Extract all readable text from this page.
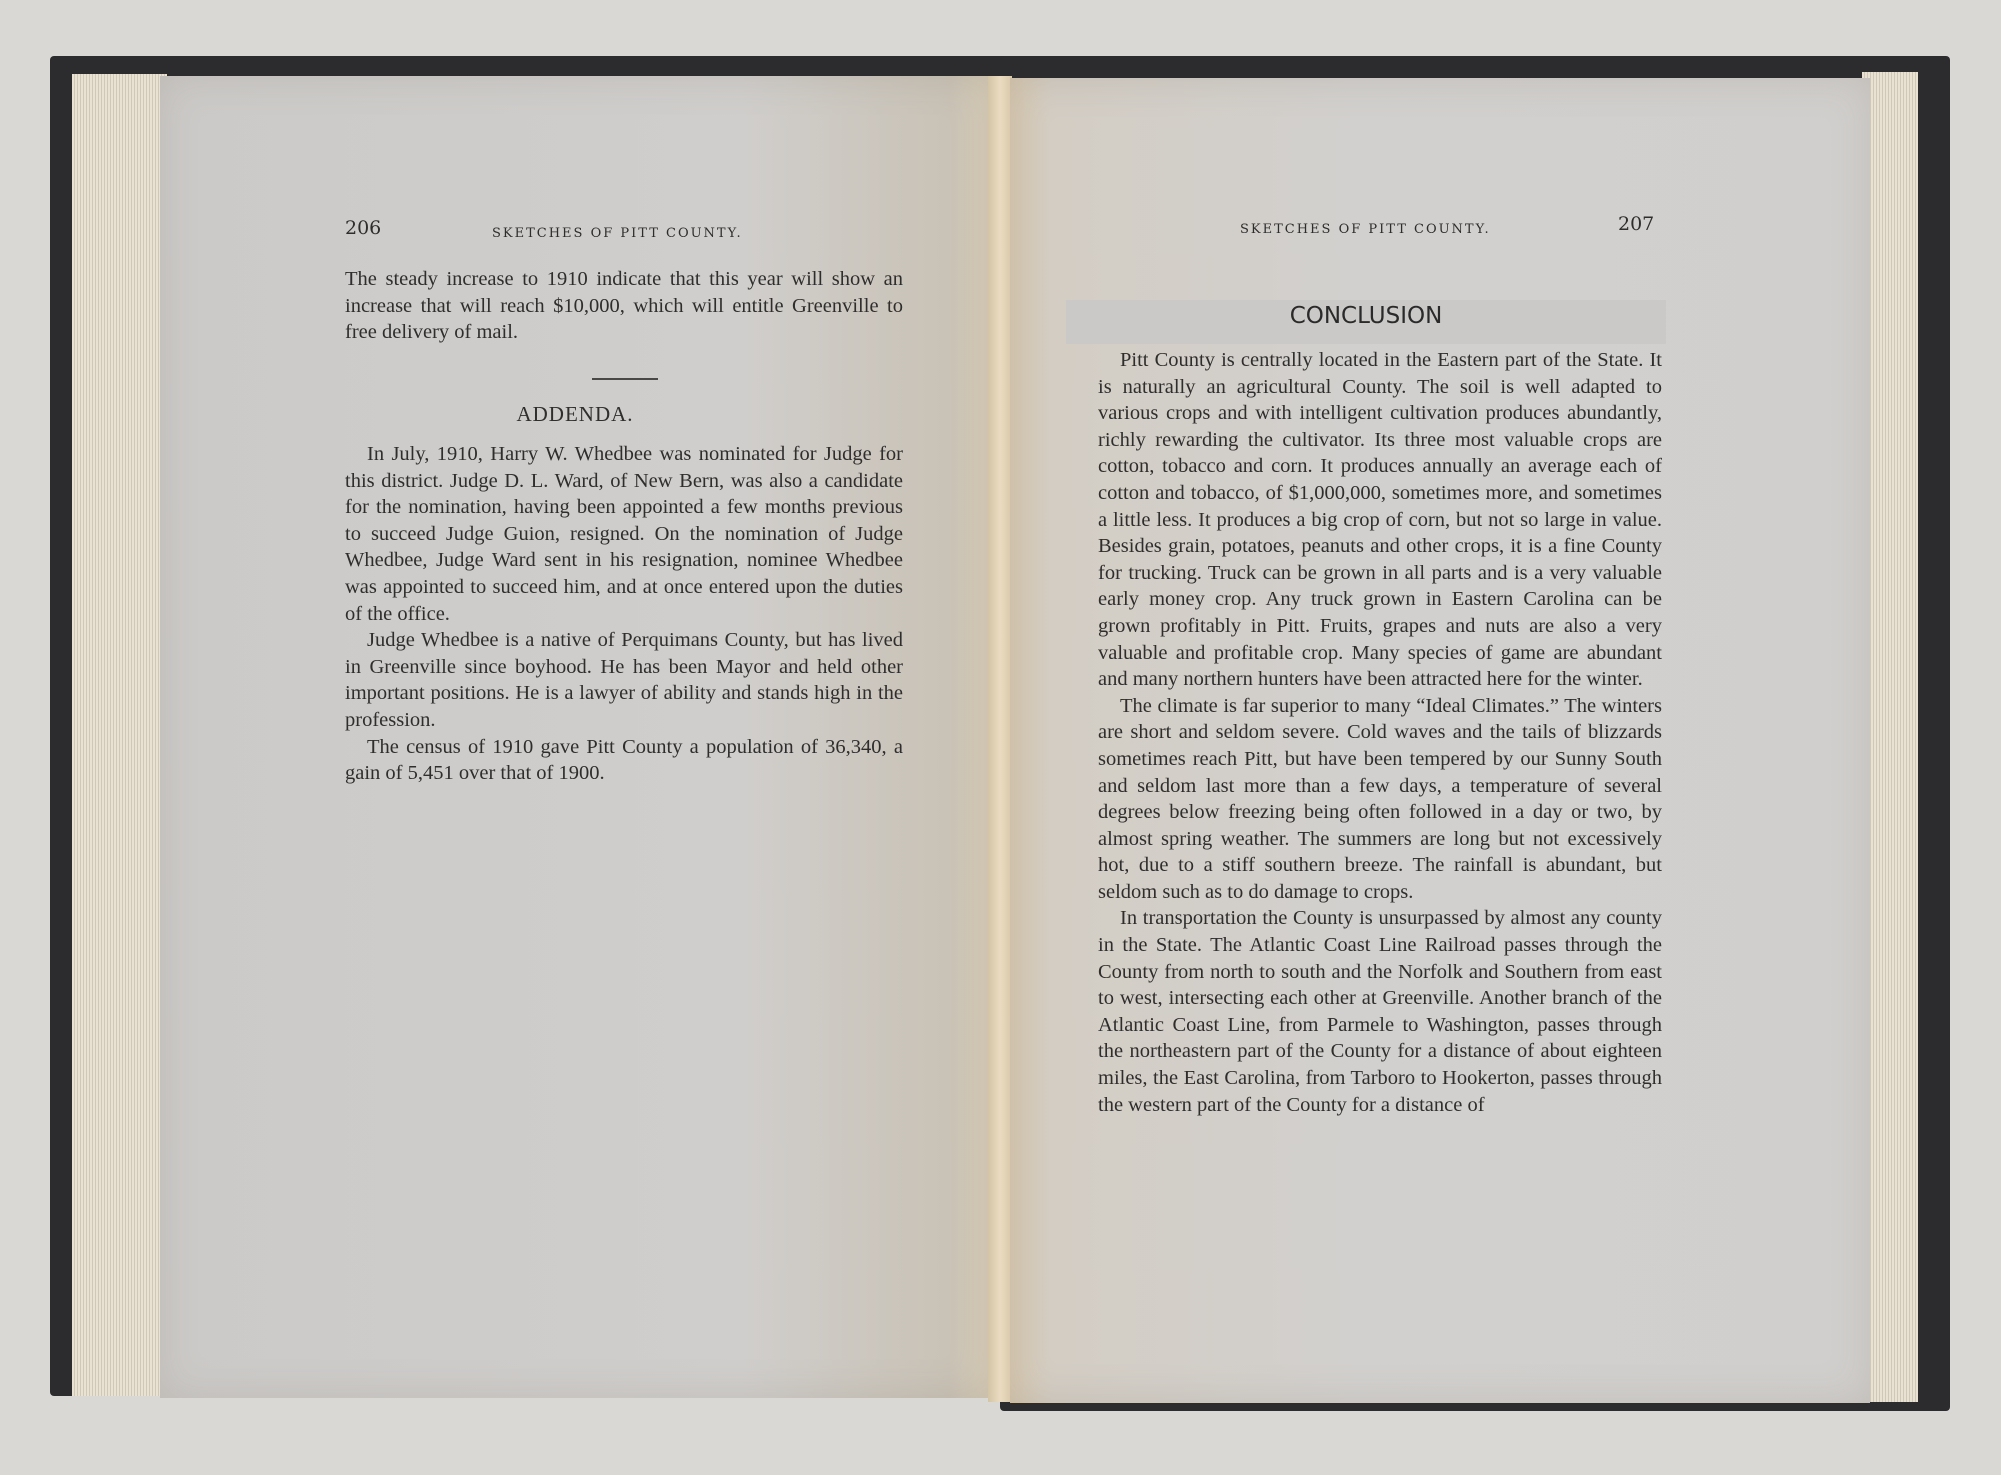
206	SKETCHES OF PITT COUNTY.

The steady increase to 1910 indicate that this year will show an increase that will reach $10,000, which will entitle Greenville to free delivery of mail.

ADDENDA.

In July, 1910, Harry W. Whedbee was nominated for Judge for this district. Judge D. L. Ward, of New Bern, was also a candidate for the nomination, having been appointed a few months previous to succeed Judge Guion, resigned. On the nomination of Judge Whedbee, Judge Ward sent in his resignation, nominee Whedbee was appointed to succeed him, and at once entered upon the duties of the office.

Judge Whedbee is a native of Perquimans County, but has lived in Greenville since boyhood. He has been Mayor and held other important positions. He is a lawyer of ability and stands high in the profession.

The census of 1910 gave Pitt County a population of 36,340, a gain of 5,451 over that of 1900.

SKETCHES OF PITT COUNTY.	207
CONCLUSION

Pitt County is centrally located in the Eastern part of the State. It is naturally an agricultural County. The soil is well adapted to various crops and with intelligent cultivation produces abundantly, richly rewarding the cultivator. Its three most valuable crops are cotton, tobacco and corn. It produces annually an average each of cotton and tobacco, of $1,000,000, sometimes more, and sometimes a little less. It produces a big crop of corn, but not so large in value. Besides grain, potatoes, peanuts and other crops, it is a fine County for trucking. Truck can be grown in all parts and is a very valuable early money crop. Any truck grown in Eastern Carolina can be grown profitably in Pitt. Fruits, grapes and nuts are also a very valuable and profitable crop. Many species of game are abundant and many northern hunters have been attracted here for the winter.

The climate is far superior to many “Ideal Climates.” The winters are short and seldom severe. Cold waves and the tails of blizzards sometimes reach Pitt, but have been tempered by our Sunny South and seldom last more than a few days, a temperature of several degrees below freezing being often followed in a day or two, by almost spring weather. The summers are long but not excessively hot, due to a stiff southern breeze. The rainfall is abundant, but seldom such as to do damage to crops.

In transportation the County is unsurpassed by almost any county in the State. The Atlantic Coast Line Railroad passes through the County from north to south and the Norfolk and Southern from east to west, intersecting each other at Greenville. Another branch of the Atlantic Coast Line, from Parmele to Washington, passes through the northeastern part of the County for a distance of about eighteen miles, the East Carolina, from Tarboro to Hookerton, passes through the western part of the County for a distance of
